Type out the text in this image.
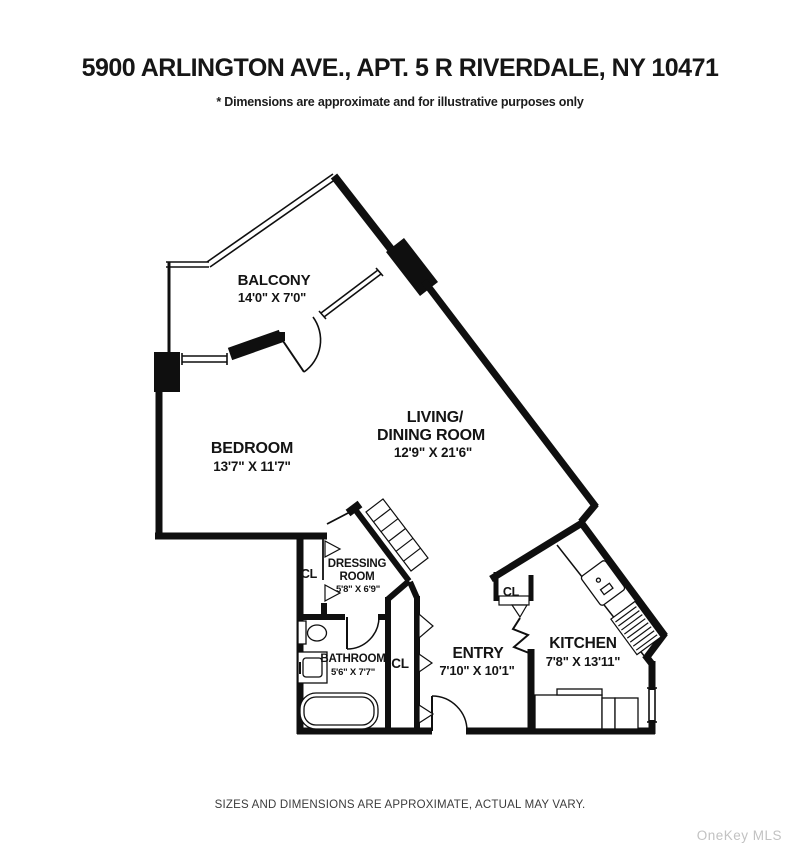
5900 ARLINGTON AVE., APT. 5 R RIVERDALE, NY 10471
* Dimensions are approximate and for illustrative purposes only
BALCONY
14'0" X 7'0"
BEDROOM
13'7" X 11'7"
LIVING/
DINING ROOM
12'9" X 21'6"
DRESSING
ROOM
5'8" X 6'9"
CL
CL
CL
BATHROOM
5'6" X 7'7"
ENTRY
7'10" X 10'1"
KITCHEN
7'8" X 13'11"
SIZES AND DIMENSIONS ARE APPROXIMATE, ACTUAL MAY VARY.
OneKey MLS
